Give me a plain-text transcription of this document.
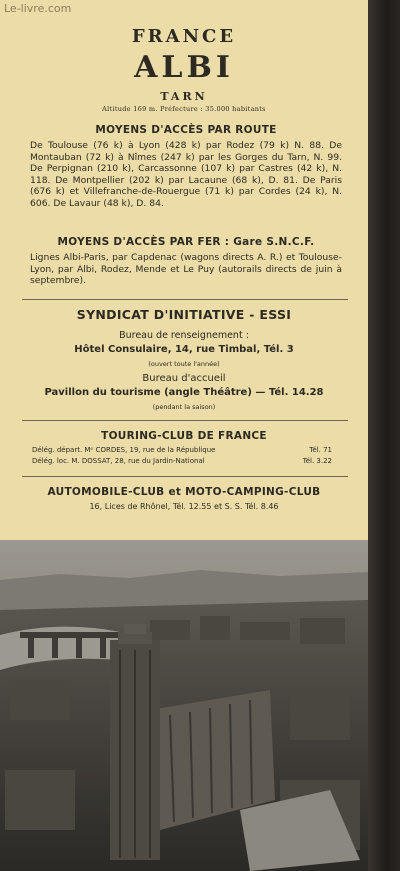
Le-livre.com
FRANCE
ALBI
TARN
Altitude 169 m. Préfecture : 35.000 habitants
MOYENS D'ACCÈS PAR ROUTE
De Toulouse (76 k) à Lyon (428 k) par Rodez (79 k) N. 88. De Montauban (72 k) à Nîmes (247 k) par les Gorges du Tarn, N. 99. De Perpignan (210 k), Carcassonne (107 k) par Castres (42 k), N. 118. De Montpellier (202 k) par Lacaune (68 k), D. 81. De Paris (676 k) et Villefranche-de-Rouergue (71 k) par Cordes (24 k), N. 606. De Lavaur (48 k), D. 84.
MOYENS D'ACCÈS PAR FER : Gare S.N.C.F.
Lignes Albi-Paris, par Capdenac (wagons directs A. R.) et Toulouse-Lyon, par Albi, Rodez, Mende et Le Puy (autorails directs de juin à septembre).
SYNDICAT D'INITIATIVE - ESSI
Bureau de renseignement :
Hôtel Consulaire, 14, rue Timbal, Tél. 3
(ouvert toute l'année)
Bureau d'accueil
Pavillon du tourisme (angle Théâtre) — Tél. 14.28
(pendant la saison)
TOURING-CLUB DE FRANCE
Délég. départ. Mᵉ CORDES, 19, rue de la République	Tél. 71
Délég. loc. M. DOSSAT, 28, rue du Jardin-National	Tél. 3.22
AUTOMOBILE-CLUB et MOTO-CAMPING-CLUB
16, Lices de Rhônel, Tél. 12.55 et S. S. Tél. 8.46
